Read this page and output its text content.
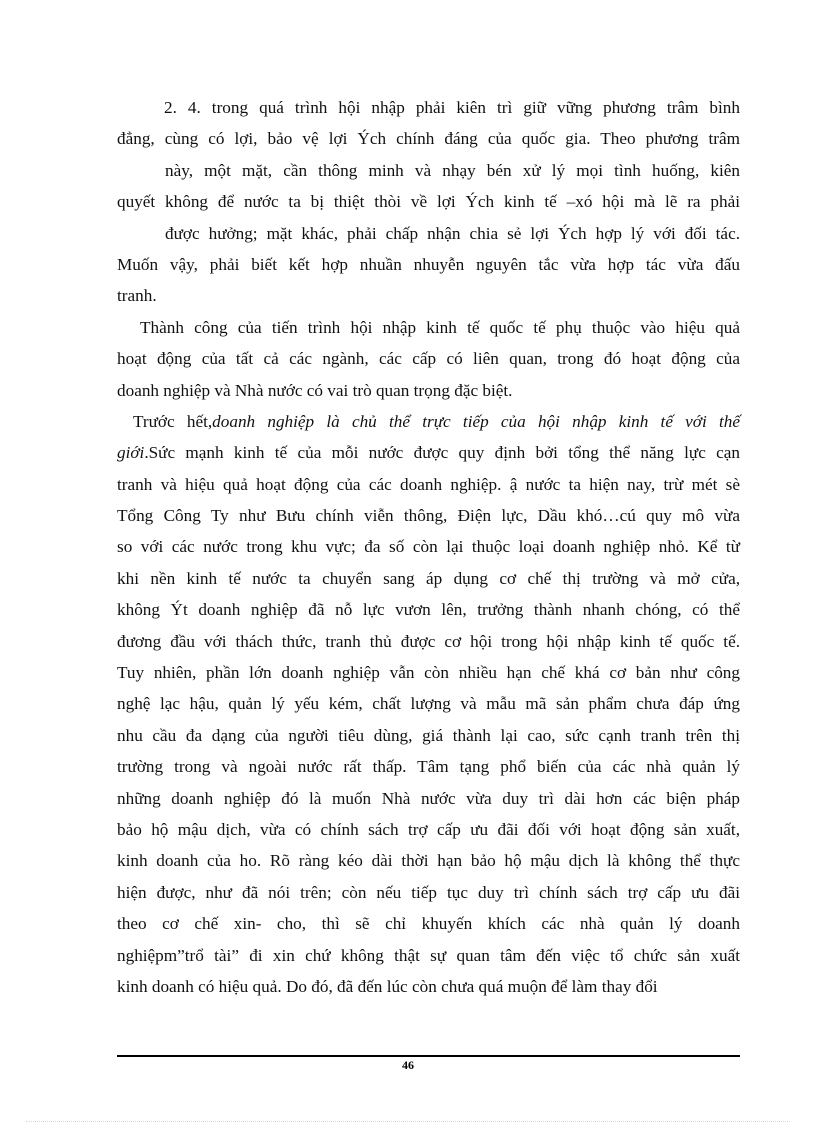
2. 4. trong quá trình hội nhập phải kiên trì giữ vững phương trâm bình
đẳng, cùng có lợi, bảo vệ lợi Ých chính đáng của quốc gia. Theo phương trâm
này, một mặt, cần thông minh và nhạy bén xử lý mọi tình huống, kiên
quyết không để nước ta bị thiệt thòi về lợi Ých kinh tế –xó hội mà lẽ ra phải
được hưởng; mặt khác, phải chấp nhận chia sẻ lợi Ých hợp lý với đối tác.
Muốn vậy, phải biết kết hợp nhuần nhuyễn nguyên tắc vừa hợp tác vừa đấu
tranh.
Thành công của tiến trình hội nhập kinh tế quốc tế phụ thuộc vào hiệu quả
hoạt động của tất cả các ngành, các cấp có liên quan, trong đó hoạt động của
doanh nghiệp và Nhà nước có vai trò quan trọng đặc biệt.
Trước hết,doanh nghiệp là chủ thể trực tiếp của hội nhập kinh tế với thế
giới.Sức mạnh kinh tế của mỗi nước được quy định bởi tổng thể năng lực cạn
tranh và hiệu quả hoạt động của các doanh nghiệp. ậ nước ta hiện nay, trừ mét sè
Tổng Công Ty như Bưu chính viễn thông, Điện lực, Dầu khó…cú quy mô vừa
so với các nước trong khu vực; đa số còn lại thuộc loại doanh nghiệp nhỏ. Kể từ
khi nền kinh tế nước ta chuyển sang áp dụng cơ chế thị trường và mở cửa,
không Ýt doanh nghiệp đã nỗ lực vươn lên, trưởng thành nhanh chóng, có thể
đương đầu với thách thức, tranh thủ được cơ hội trong hội nhập kinh tế quốc tế.
Tuy nhiên, phần lớn doanh nghiệp vẫn còn nhiều hạn chế khá cơ bản như công
nghệ lạc hậu, quản lý yếu kém, chất lượng và mẫu mã sản phẩm chưa đáp ứng
nhu cầu đa dạng của người tiêu dùng, giá thành lại cao, sức cạnh tranh trên thị
trường trong và ngoài nước rất thấp. Tâm tạng phổ biến của các nhà quản lý
những doanh nghiệp đó là muốn Nhà nước vừa duy trì dài hơn các biện pháp
bảo hộ mậu dịch, vừa có chính sách trợ cấp ưu đãi đối với hoạt động sản xuất,
kinh doanh của ho. Rõ ràng kéo dài thời hạn bảo hộ mậu dịch là không thể thực
hiện được, như đã nói trên; còn nếu tiếp tục duy trì chính sách trợ cấp ưu đãi
theo cơ chế xin- cho, thì sẽ chỉ khuyến khích các nhà quản lý doanh
nghiệpm”trổ tài” đi xin chứ không thật sự quan tâm đến việc tổ chức sản xuất
kinh doanh có hiệu quả. Do đó, đã đến lúc còn chưa quá muộn để làm thay đổi
46
